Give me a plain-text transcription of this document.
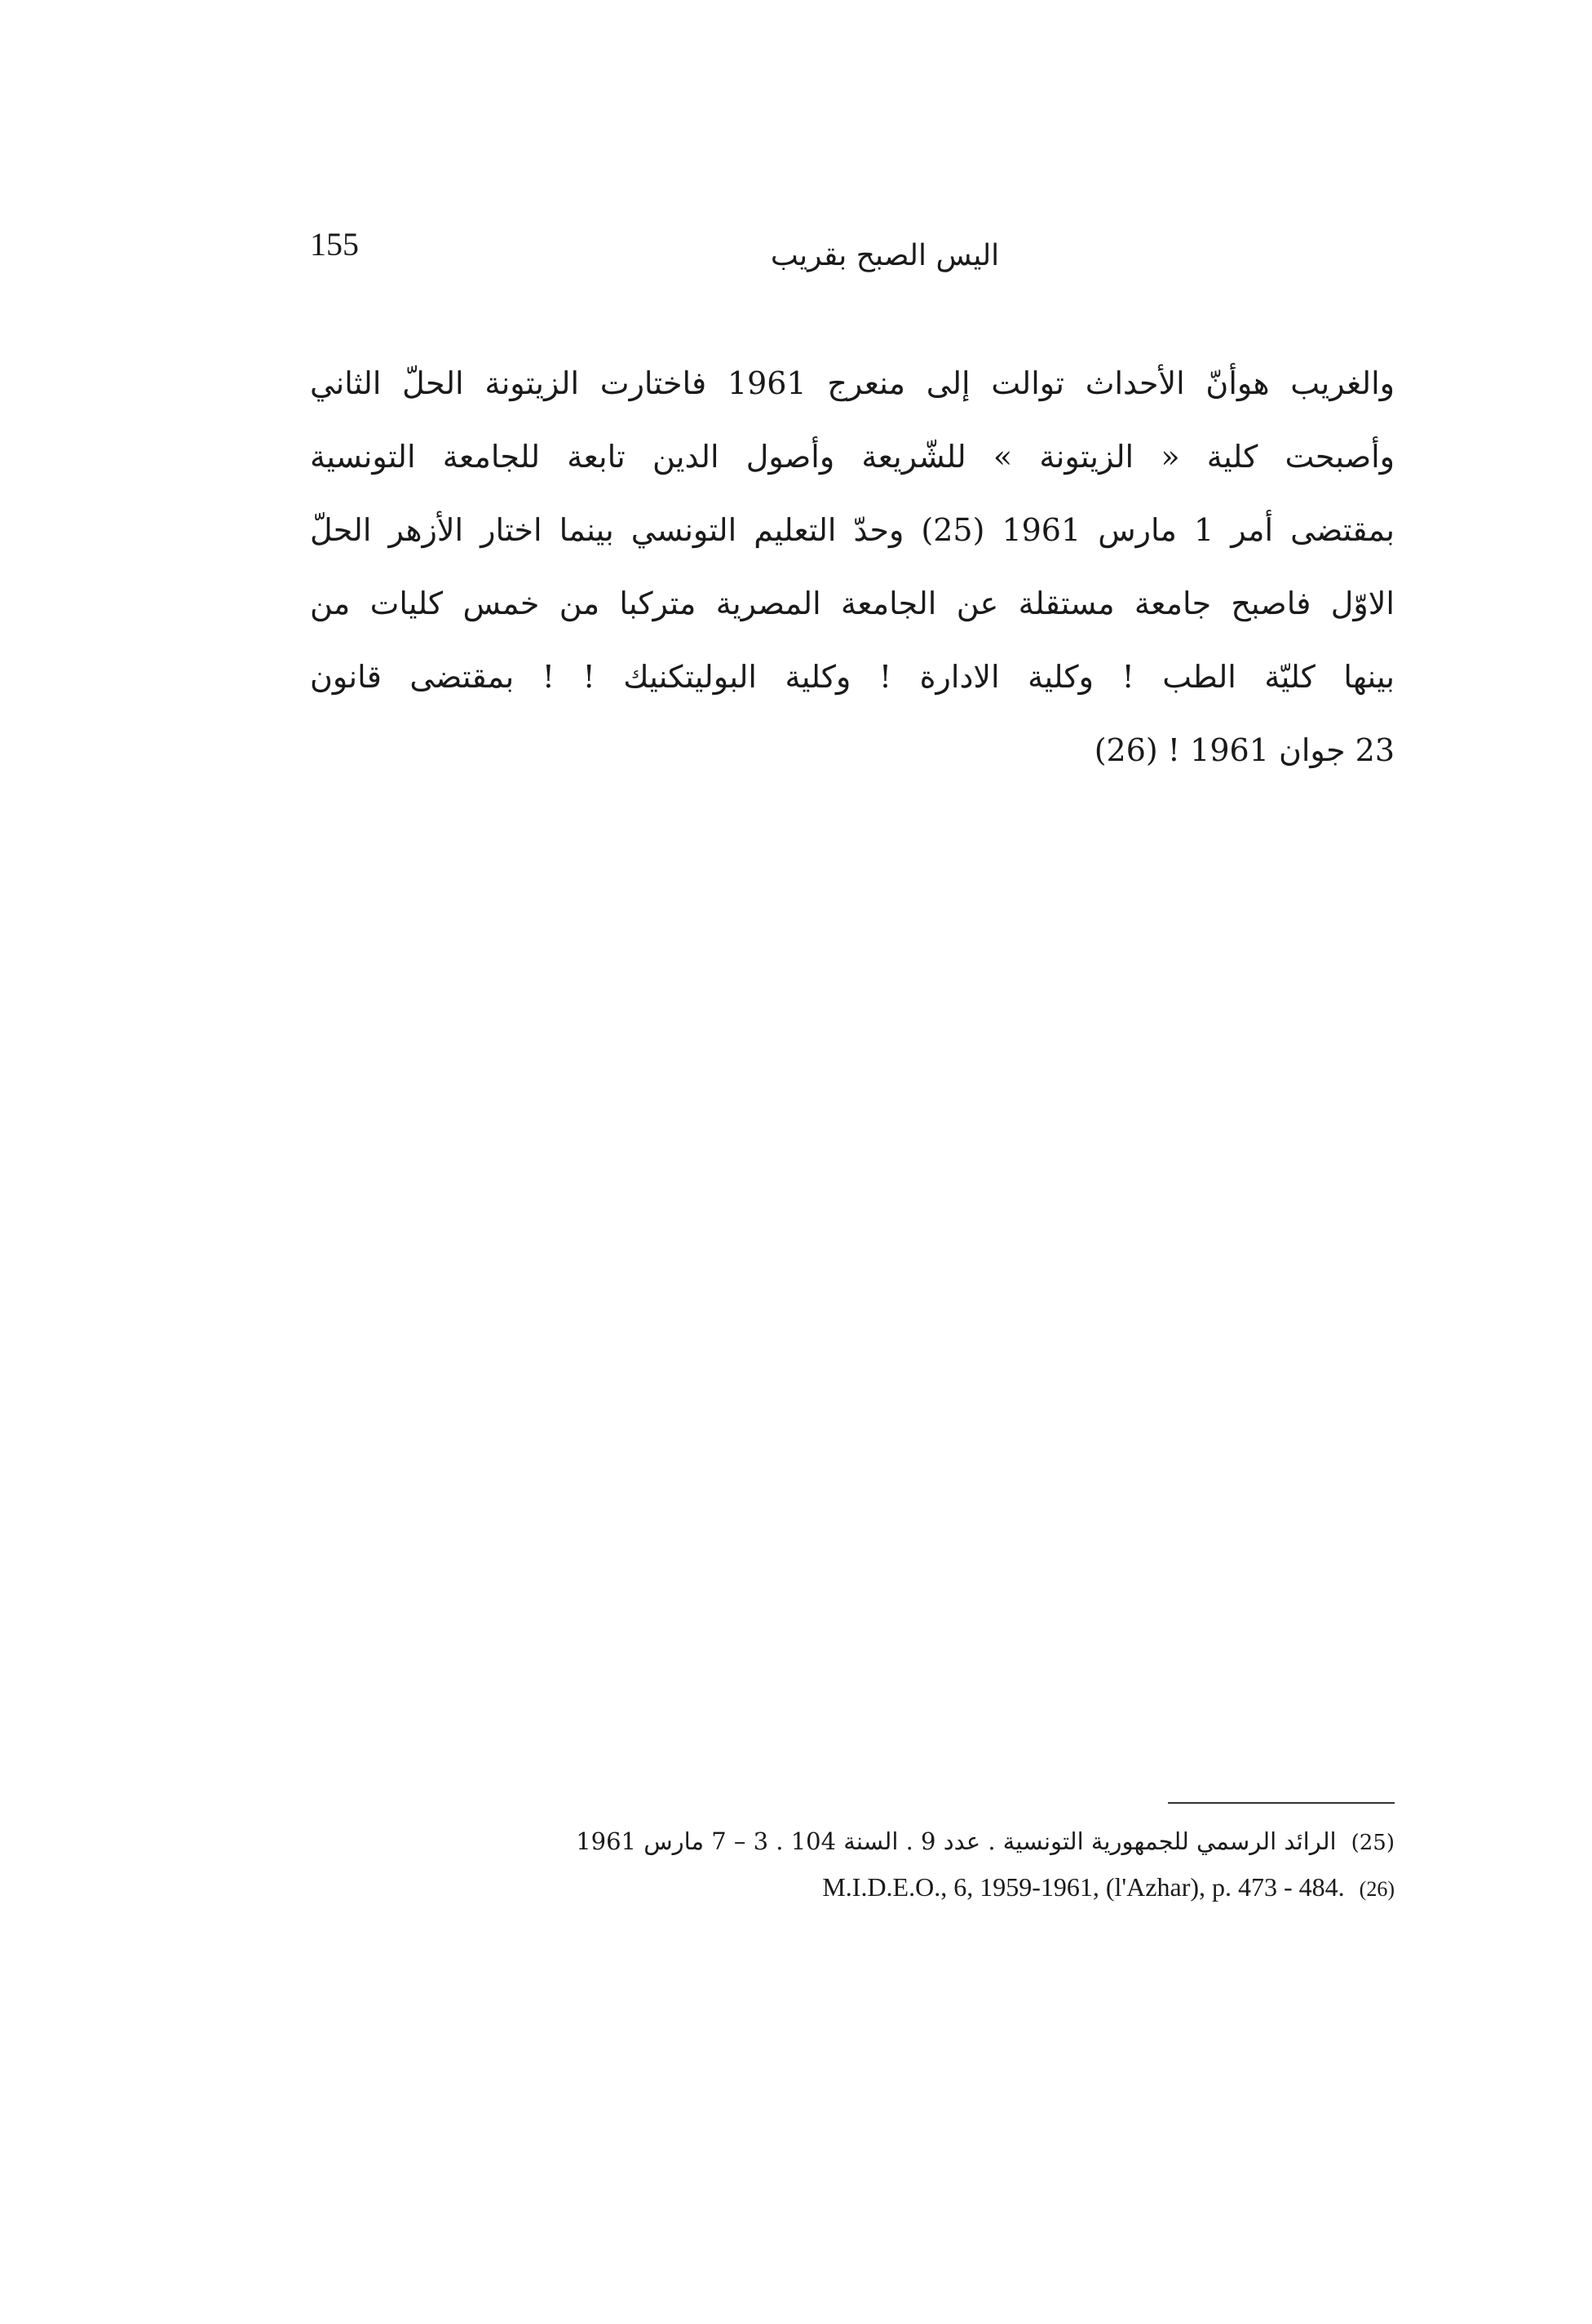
155	اليس الصبح بقريب
والغريب هوأنّ الأحداث توالت إلى منعرج 1961 فاختارت الزيتونة الحلّ الثاني
وأصبحت كلية « الزيتونة » للشّريعة وأصول الدين تابعة للجامعة التونسية
بمقتضى أمر 1 مارس 1961 (25) وحدّ التعليم التونسي بينما اختار الأزهر الحلّ
الاوّل فاصبح جامعة مستقلة عن الجامعة المصرية متركبا من خمس كليات من
بينها كليّة الطب ! وكلية الادارة ! وكلية البوليتكنيك ! ! بمقتضى قانون
23 جوان 1961 ! (26)
(25)الرائد الرسمي للجمهورية التونسية . عدد 9 . السنة 104 . 3 – 7 مارس 1961
(26)M.I.D.E.O., 6, 1959-1961, (l'Azhar), p. 473 - 484.
